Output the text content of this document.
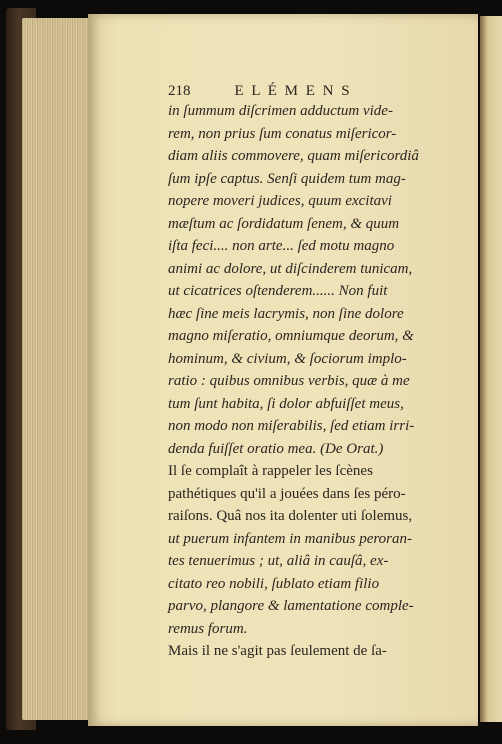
218	E L É M E N S
in ſummum diſcrimen adductum vide-
rem, non prius ſum conatus miſericor-
diam aliis commovere, quam miſericordiâ
ſum ipſe captus. Senſi quidem tum mag-
nopere moveri judices, quum excitavi
mæſtum ac ſordidatum ſenem, & quum
iſta feci.... non arte... ſed motu magno
animi ac dolore, ut diſcinderem tunicam,
ut cicatrices oſtenderem...... Non fuit
hæc ſine meis lacrymis, non ſine dolore
magno miſeratio, omniumque deorum, &
hominum, & civium, & ſociorum implo-
ratio : quibus omnibus verbis, quæ à me
tum ſunt habita, ſi dolor abfuiſſet meus,
non modo non miſerabilis, ſed etiam irri-
denda fuiſſet oratio mea. (De Orat.)
Il ſe complaît à rappeler les ſcènes
pathétiques qu'il a jouées dans ſes péro-
raiſons. Quâ nos ita dolenter uti ſolemus,
ut puerum infantem in manibus peroran-
tes tenuerimus ; ut, aliâ in cauſâ, ex-
citato reo nobili, ſublato etiam filio
parvo, plangore & lamentatione comple-
remus forum.
Mais il ne s'agit pas ſeulement de ſa-
